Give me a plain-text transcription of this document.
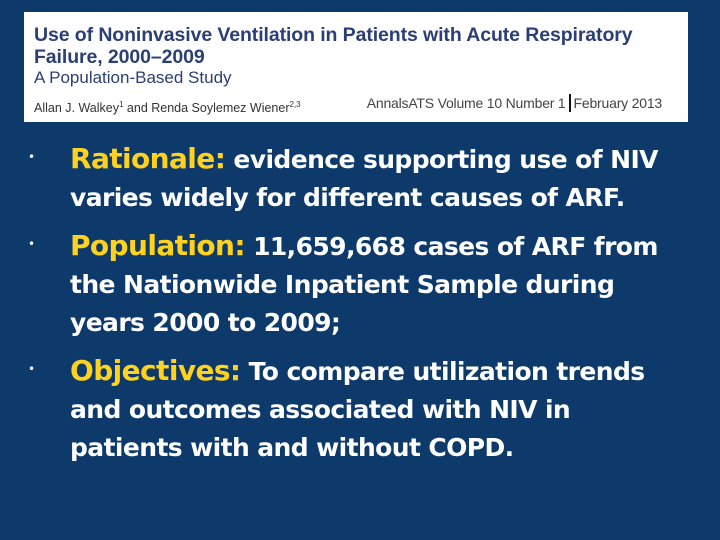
Use of Noninvasive Ventilation in Patients with Acute Respiratory

Failure, 2000–2009

A Population-Based Study

Allan J. Walkey$^1$ and Renda Soylemez Wiener$^{2,3}$	AnnalsATS Volume 10 Number 1 February 2013
• Rationale: evidence supporting use of NIV varies widely for different causes of ARF.
• Population: 11,659,668 cases of ARF from the Nationwide Inpatient Sample during years 2000 to 2009;
• Objectives: To compare utilization trends and outcomes associated with NIV in patients with and without COPD.
